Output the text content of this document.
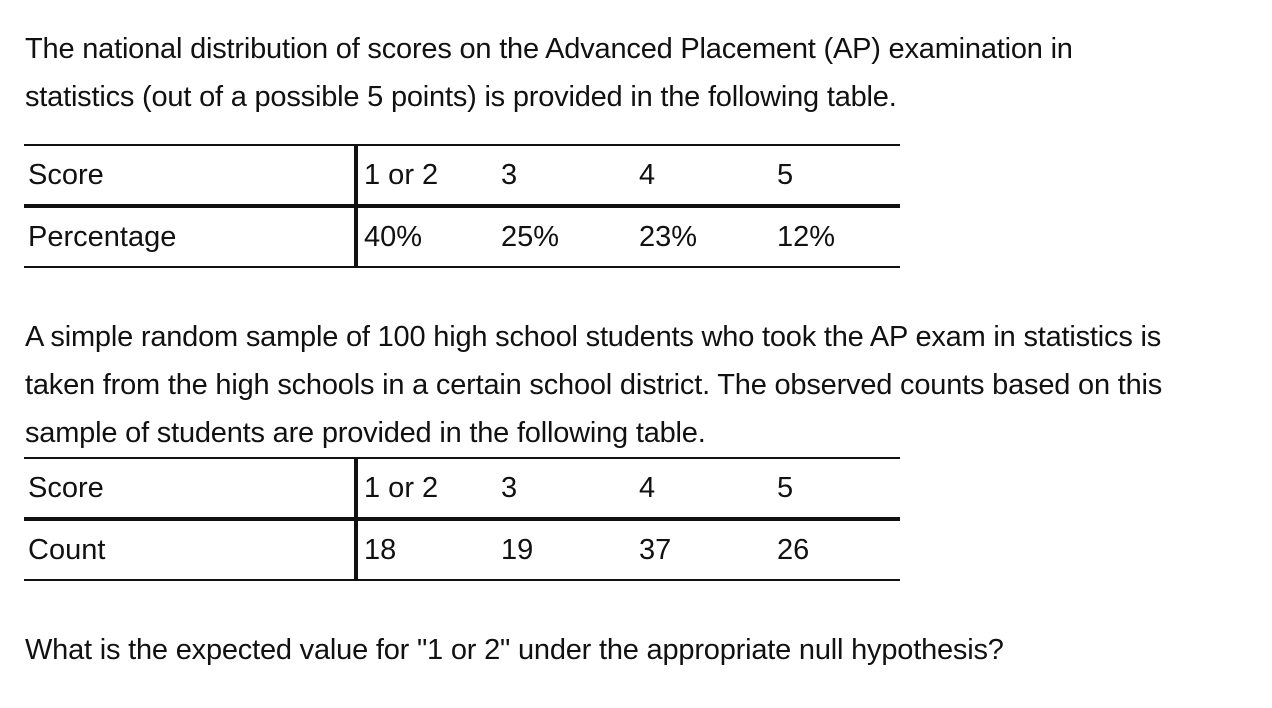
The national distribution of scores on the Advanced Placement (AP) examination in
statistics (out of a possible 5 points) is provided in the following table.
Score	1 or 2	3	4	5
Percentage	40%	25%	23%	12%
A simple random sample of 100 high school students who took the AP exam in statistics is
taken from the high schools in a certain school district. The observed counts based on this
sample of students are provided in the following table.
Score	1 or 2	3	4	5
Count	18	19	37	26
What is the expected value for "1 or 2" under the appropriate null hypothesis?
